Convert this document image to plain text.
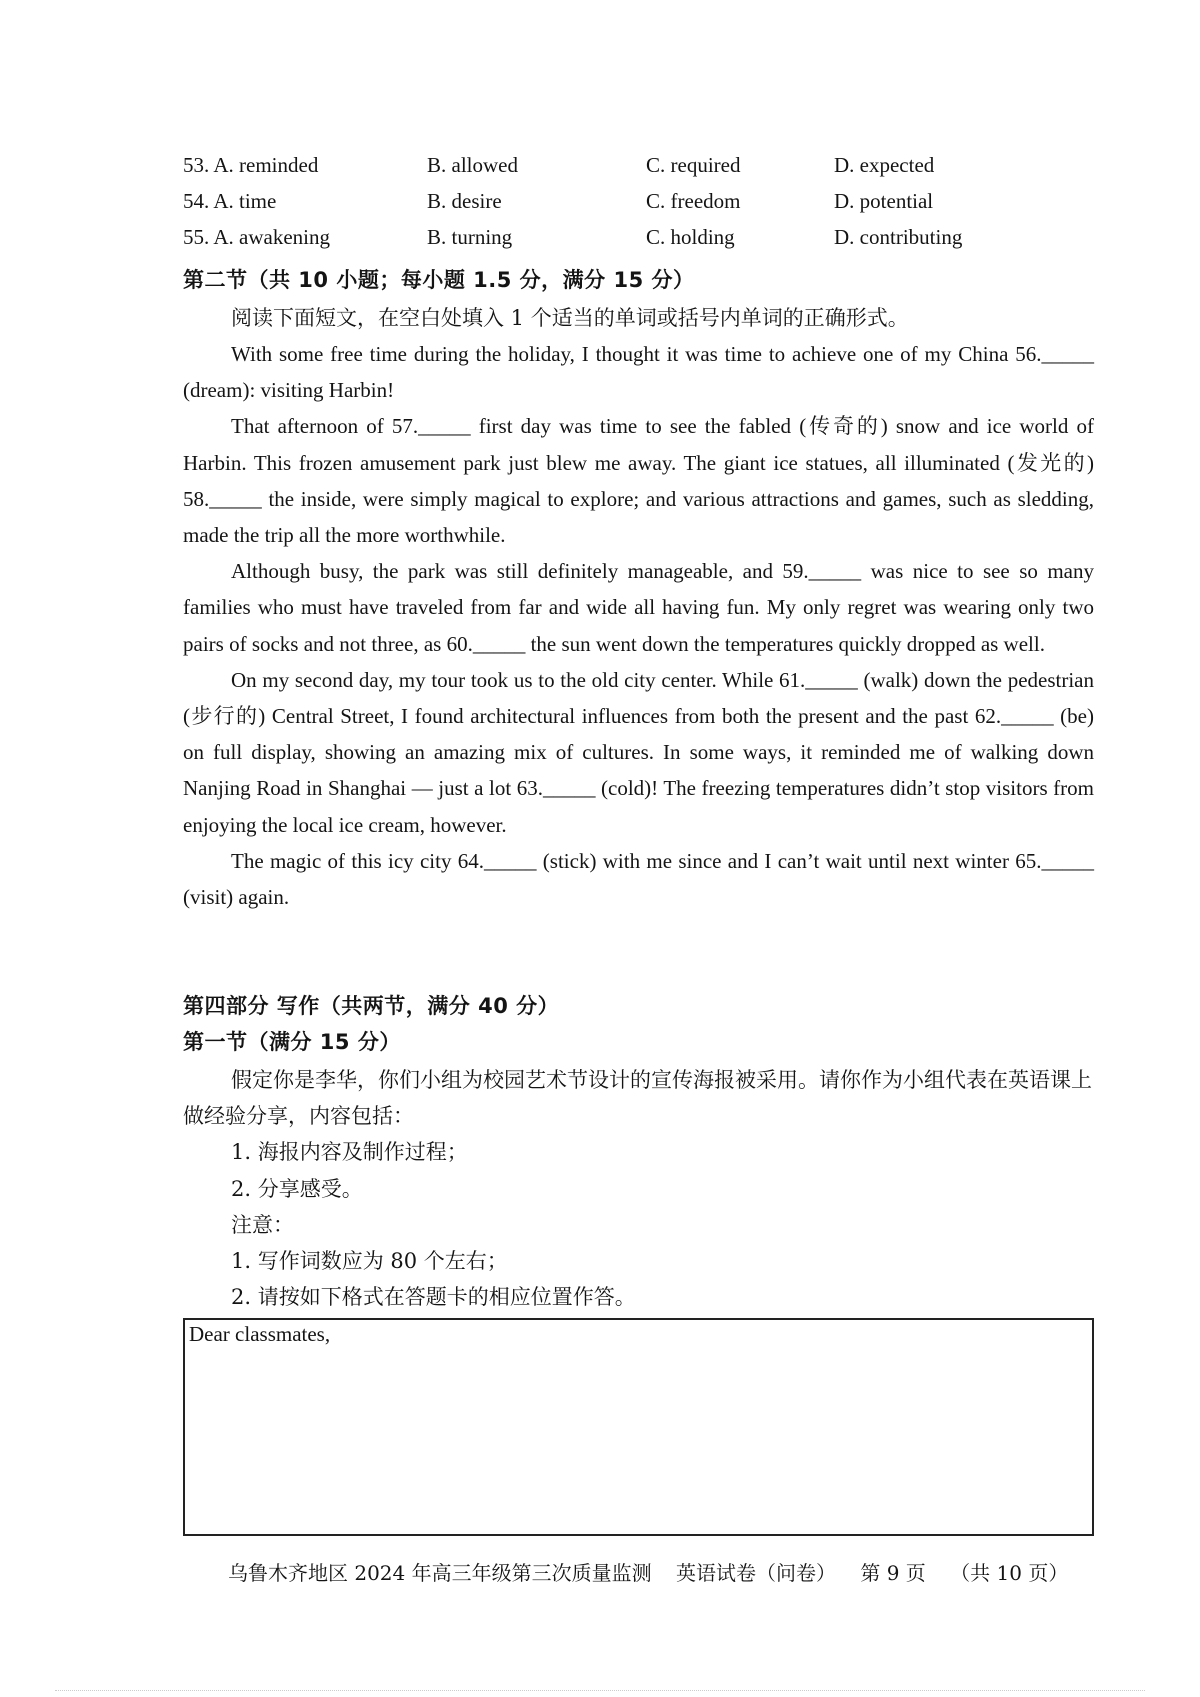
53. A. reminded	B. allowed	C. required	D. expected
54. A. time	B. desire	C. freedom	D. potential
55. A. awakening	B. turning	C. holding	D. contributing
第二节（共 10 小题；每小题 1.5 分，满分 15 分）

阅读下面短文，在空白处填入 1 个适当的单词或括号内单词的正确形式。

With some free time during the holiday, I thought it was time to achieve one of my China 56._____ (dream): visiting Harbin!

That afternoon of 57._____ first day was time to see the fabled (传奇的) snow and ice world of Harbin. This frozen amusement park just blew me away. The giant ice statues, all illuminated (发光的) 58._____ the inside, were simply magical to explore; and various attractions and games, such as sledding, made the trip all the more worthwhile.

Although busy, the park was still definitely manageable, and 59._____ was nice to see so many families who must have traveled from far and wide all having fun. My only regret was wearing only two pairs of socks and not three, as 60._____ the sun went down the temperatures quickly dropped as well.

On my second day, my tour took us to the old city center. While 61._____ (walk) down the pedestrian (步行的) Central Street, I found architectural influences from both the present and the past 62._____ (be) on full display, showing an amazing mix of cultures. In some ways, it reminded me of walking down Nanjing Road in Shanghai — just a lot 63._____ (cold)! The freezing temperatures didn’t stop visitors from enjoying the local ice cream, however.

The magic of this icy city 64._____ (stick) with me since and I can’t wait until next winter 65._____ (visit) again.

第四部分 写作（共两节，满分 40 分）
第一节（满分 15 分）

假定你是李华，你们小组为校园艺术节设计的宣传海报被采用。请你作为小组代表在英语课上做经验分享，内容包括：

1. 海报内容及制作过程；

2. 分享感受。

注意：

1. 写作词数应为 80 个左右；

2. 请按如下格式在答题卡的相应位置作答。

Dear classmates,
乌鲁木齐地区 2024 年高三年级第三次质量监测 英语试卷（问卷） 第 9 页 （共 10 页）
